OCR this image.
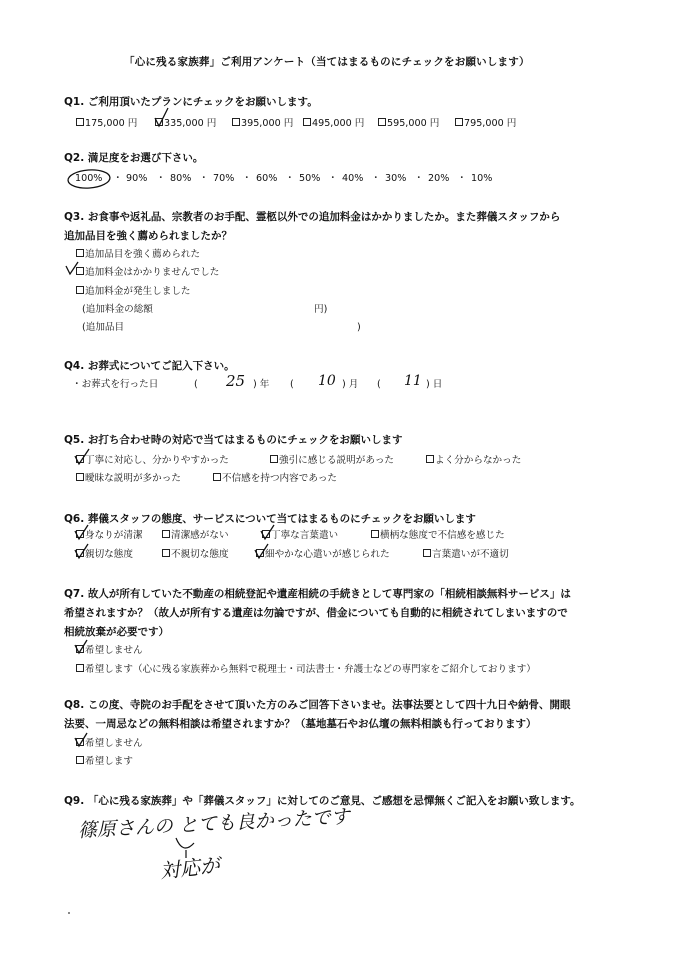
「心に残る家族葬」ご利用アンケート（当てはまるものにチェックをお願いします）
Q1. ご利用頂いたプランにチェックをお願いします。
175,000 円	335,000 円	395,000 円	495,000 円	595,000 円	795,000 円
Q2. 満足度をお選び下さい。
100% ・ 90% ・ 80% ・ 70% ・ 60% ・ 50% ・ 40% ・ 30% ・ 20% ・ 10%
Q3. お食事や返礼品、宗教者のお手配、霊柩以外での追加料金はかかりましたか。また葬儀スタッフから
追加品目を強く薦められましたか？
追加品目を強く薦められた
追加料金はかかりませんでした
追加料金が発生しました
(追加料金の総額	円)
(追加品目	)
Q4. お葬式についてご記入下さい。
・お葬式を行った日	( 25 ) 年 ( 10 ) 月 ( 11 ) 日
Q5. お打ち合わせ時の対応で当てはまるものにチェックをお願いします
丁寧に対応し、分かりやすかった	強引に感じる説明があった	よく分からなかった
曖昧な説明が多かった	不信感を持つ内容であった
Q6. 葬儀スタッフの態度、サービスについて当てはまるものにチェックをお願いします
身なりが清潔	清潔感がない	丁寧な言葉遣い	横柄な態度で不信感を感じた
親切な態度	不親切な態度	細やかな心遣いが感じられた	言葉遣いが不適切
Q7. 故人が所有していた不動産の相続登記や遺産相続の手続きとして専門家の「相続相談無料サービス」は
希望されますか？（故人が所有する遺産は勿論ですが、借金についても自動的に相続されてしまいますので
相続放棄が必要です）
希望しません
希望します（心に残る家族葬から無料で税理士・司法書士・弁護士などの専門家をご紹介しております）
Q8. この度、寺院のお手配をさせて頂いた方のみご回答下さいませ。法事法要として四十九日や納骨、開眼
法要、一周忌などの無料相談は希望されますか？（墓地墓石やお仏壇の無料相談も行っております）
希望しません
希望します
Q9. 「心に残る家族葬」や「葬儀スタッフ」に対してのご意見、ご感想を忌憚無くご記入をお願い致します。
篠原さんの とても良かったです
対応が
